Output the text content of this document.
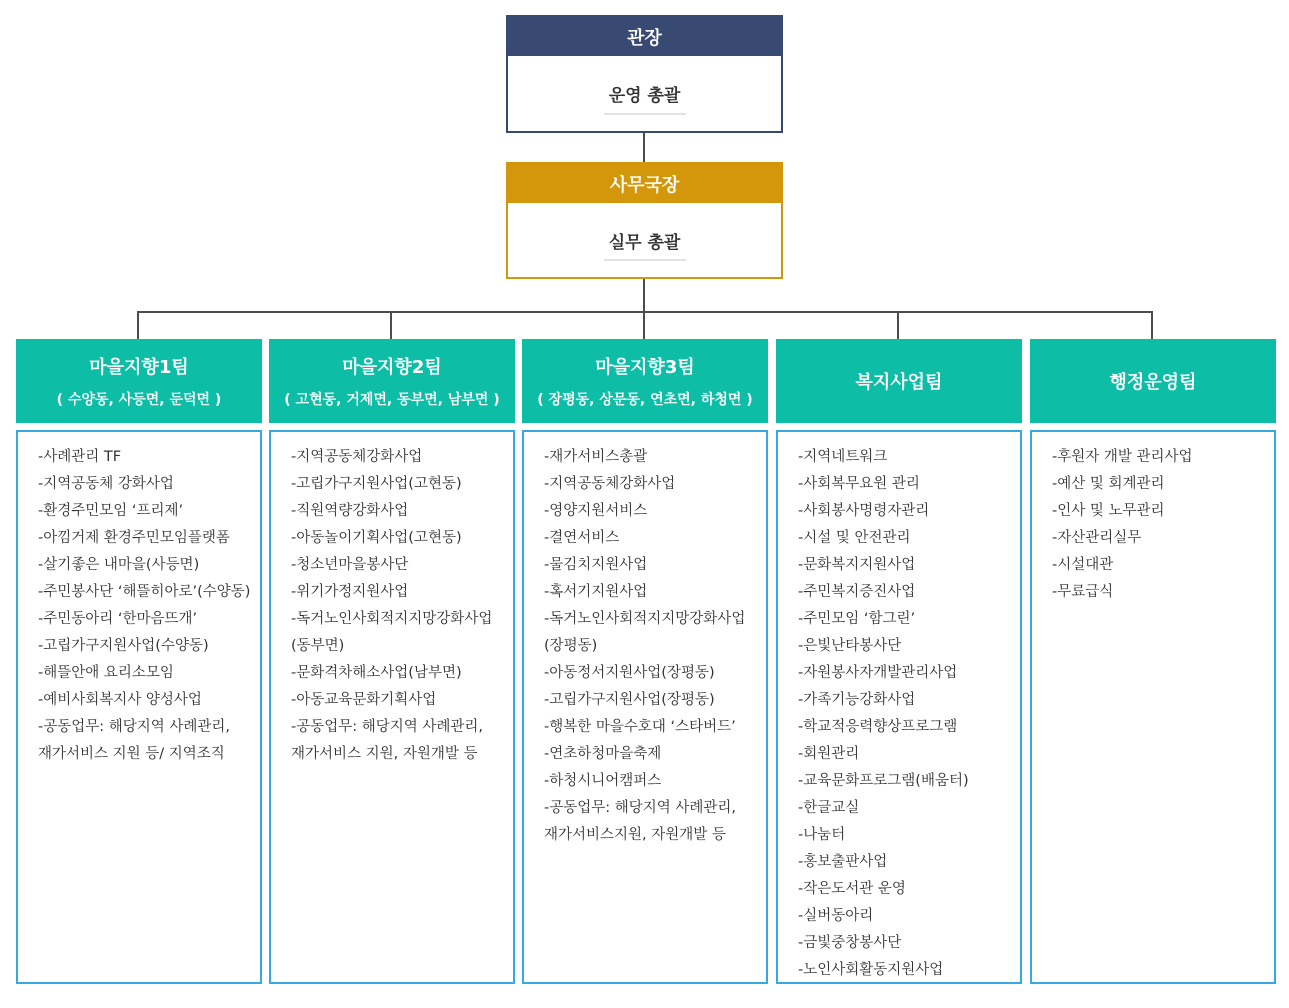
관장
운영 총괄
사무국장
실무 총괄
마을지향1팀
( 수양동, 사등면, 둔덕면 )
마을지향2팀
( 고현동, 거제면, 동부면, 남부면 )
마을지향3팀
( 장평동, 상문동, 연초면, 하청면 )
복지사업팀	행정운영팀
-사례관리 TF
-지역공동체 강화사업
-환경주민모임 ‘프리제’
-아낌거제 환경주민모임플랫폼
-살기좋은 내마을(사등면)
-주민봉사단 ‘해뜰히아로’(수양동)
-주민동아리 ‘한마음뜨개’
-고립가구지원사업(수양동)
-해뜰안애 요리소모임
-예비사회복지사 양성사업
-공동업무: 해당지역 사례관리,
재가서비스 지원 등/ 지역조직
-지역공동체강화사업
-고립가구지원사업(고현동)
-직원역량강화사업
-아동놀이기획사업(고현동)
-청소년마을봉사단
-위기가정지원사업
-독거노인사회적지지망강화사업
(동부면)
-문화격차해소사업(남부면)
-아동교육문화기획사업
-공동업무: 해당지역 사례관리,
재가서비스 지원, 자원개발 등
-재가서비스총괄
-지역공동체강화사업
-영양지원서비스
-결연서비스
-물김치지원사업
-혹서기지원사업
-독거노인사회적지지망강화사업
(장평동)
-아동정서지원사업(장평동)
-고립가구지원사업(장평동)
-행복한 마을수호대 ‘스타버드’
-연초하청마을축제
-하청시니어캠퍼스
-공동업무: 해당지역 사례관리,
재가서비스지원, 자원개발 등
-지역네트워크
-사회복무요원 관리
-사회봉사명령자관리
-시설 및 안전관리
-문화복지지원사업
-주민복지증진사업
-주민모임 ‘함그린’
-은빛난타봉사단
-자원봉사자개발관리사업
-가족기능강화사업
-학교적응력향상프로그램
-회원관리
-교육문화프로그램(배움터)
-한글교실
-나눔터
-홍보출판사업
-작은도서관 운영
-실버동아리
-금빛중창봉사단
-노인사회활동지원사업
-후원자 개발 관리사업
-예산 및 회계관리
-인사 및 노무관리
-자산관리실무
-시설대관
-무료급식
